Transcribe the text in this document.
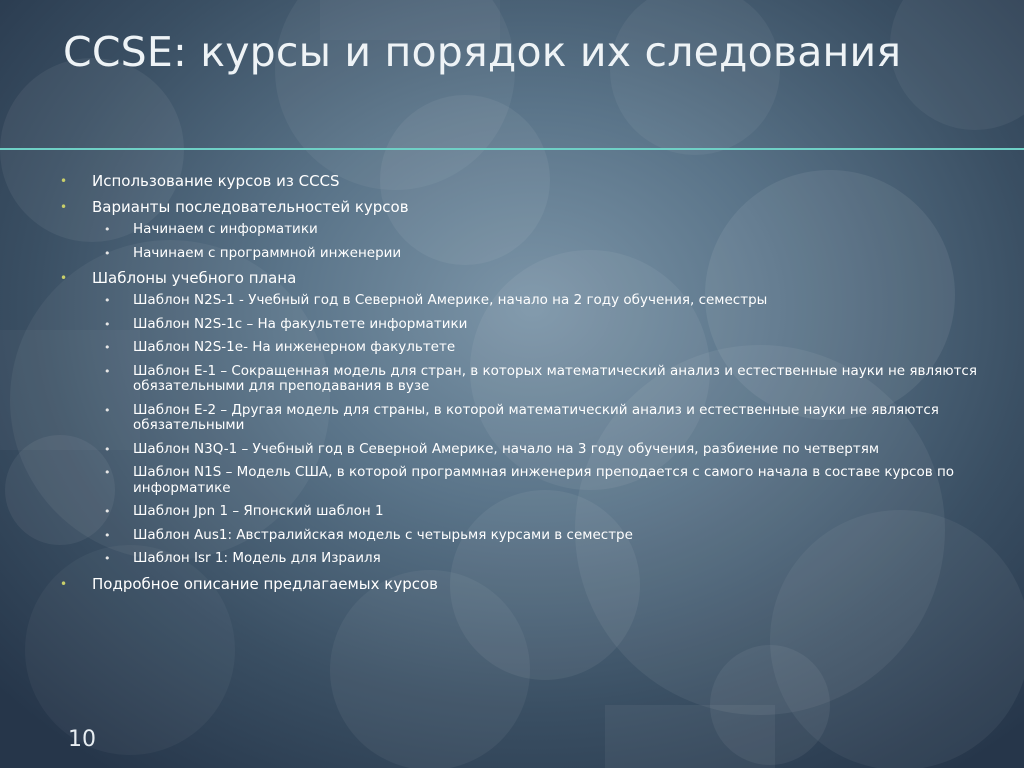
CCSE: курсы и порядок их следования
• Использование курсов из CCCS
• Варианты последовательностей курсов
• Начинаем с информатики
• Начинаем с программной инженерии
• Шаблоны учебного плана
• Шаблон N2S-1 - Учебный год в Северной Америке, начало на 2 году обучения, семестры
• Шаблон N2S-1c – На факультете информатики
• Шаблон N2S-1e- На инженерном факультете
• Шаблон E-1 – Сокращенная модель для стран, в которых математический анализ и естественные науки не являются обязательными для преподавания в вузе
• Шаблон E-2 – Другая модель для страны, в которой математический анализ и естественные науки не являются обязательными
• Шаблон N3Q-1 – Учебный год в Северной Америке, начало на 3 году обучения, разбиение по четвертям
• Шаблон N1S – Модель США, в которой программная инженерия преподается с самого начала в составе курсов по информатике
• Шаблон Jpn 1 – Японский шаблон 1
• Шаблон Aus1: Австралийская модель с четырьмя курсами в семестре
• Шаблон Isr 1: Модель для Израиля
• Подробное описание предлагаемых курсов
10
